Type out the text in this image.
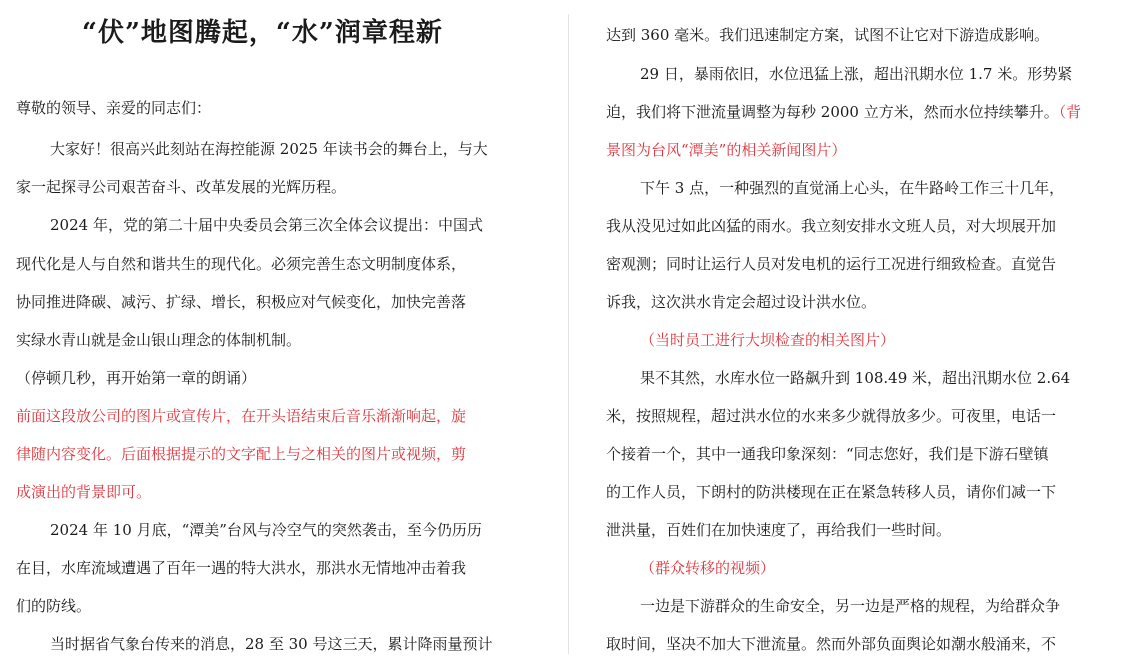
“伏”地图腾起，“水”润章程新
尊敬的领导、亲爱的同志们：
大家好！很高兴此刻站在海控能源 2025 年读书会的舞台上，与大
家一起探寻公司艰苦奋斗、改革发展的光辉历程。
2024 年，党的第二十届中央委员会第三次全体会议提出：中国式
现代化是人与自然和谐共生的现代化。必须完善生态文明制度体系，
协同推进降碳、减污、扩绿、增长，积极应对气候变化，加快完善落
实绿水青山就是金山银山理念的体制机制。
（停顿几秒，再开始第一章的朗诵）
前面这段放公司的图片或宣传片，在开头语结束后音乐渐渐响起，旋
律随内容变化。后面根据提示的文字配上与之相关的图片或视频，剪
成演出的背景即可。
2024 年 10 月底，“潭美”台风与冷空气的突然袭击，至今仍历历
在目，水库流域遭遇了百年一遇的特大洪水，那洪水无情地冲击着我
们的防线。
当时据省气象台传来的消息，28 至 30 号这三天，累计降雨量预计
达到 360 毫米。我们迅速制定方案，试图不让它对下游造成影响。
29 日，暴雨依旧，水位迅猛上涨，超出汛期水位 1.7 米。形势紧
迫，我们将下泄流量调整为每秒 2000 立方米，然而水位持续攀升。（背
景图为台风“潭美”的相关新闻图片）
下午 3 点，一种强烈的直觉涌上心头，在牛路岭工作三十几年，
我从没见过如此凶猛的雨水。我立刻安排水文班人员，对大坝展开加
密观测；同时让运行人员对发电机的运行工况进行细致检查。直觉告
诉我，这次洪水肯定会超过设计洪水位。
（当时员工进行大坝检查的相关图片）
果不其然，水库水位一路飙升到 108.49 米，超出汛期水位 2.64
米，按照规程，超过洪水位的水来多少就得放多少。可夜里，电话一
个接着一个，其中一通我印象深刻：“同志您好，我们是下游石壁镇
的工作人员，下朗村的防洪楼现在正在紧急转移人员，请你们减一下
泄洪量，百姓们在加快速度了，再给我们一些时间。
（群众转移的视频）
一边是下游群众的生命安全，另一边是严格的规程，为给群众争
取时间，坚决不加大下泄流量。然而外部负面舆论如潮水般涌来，不
